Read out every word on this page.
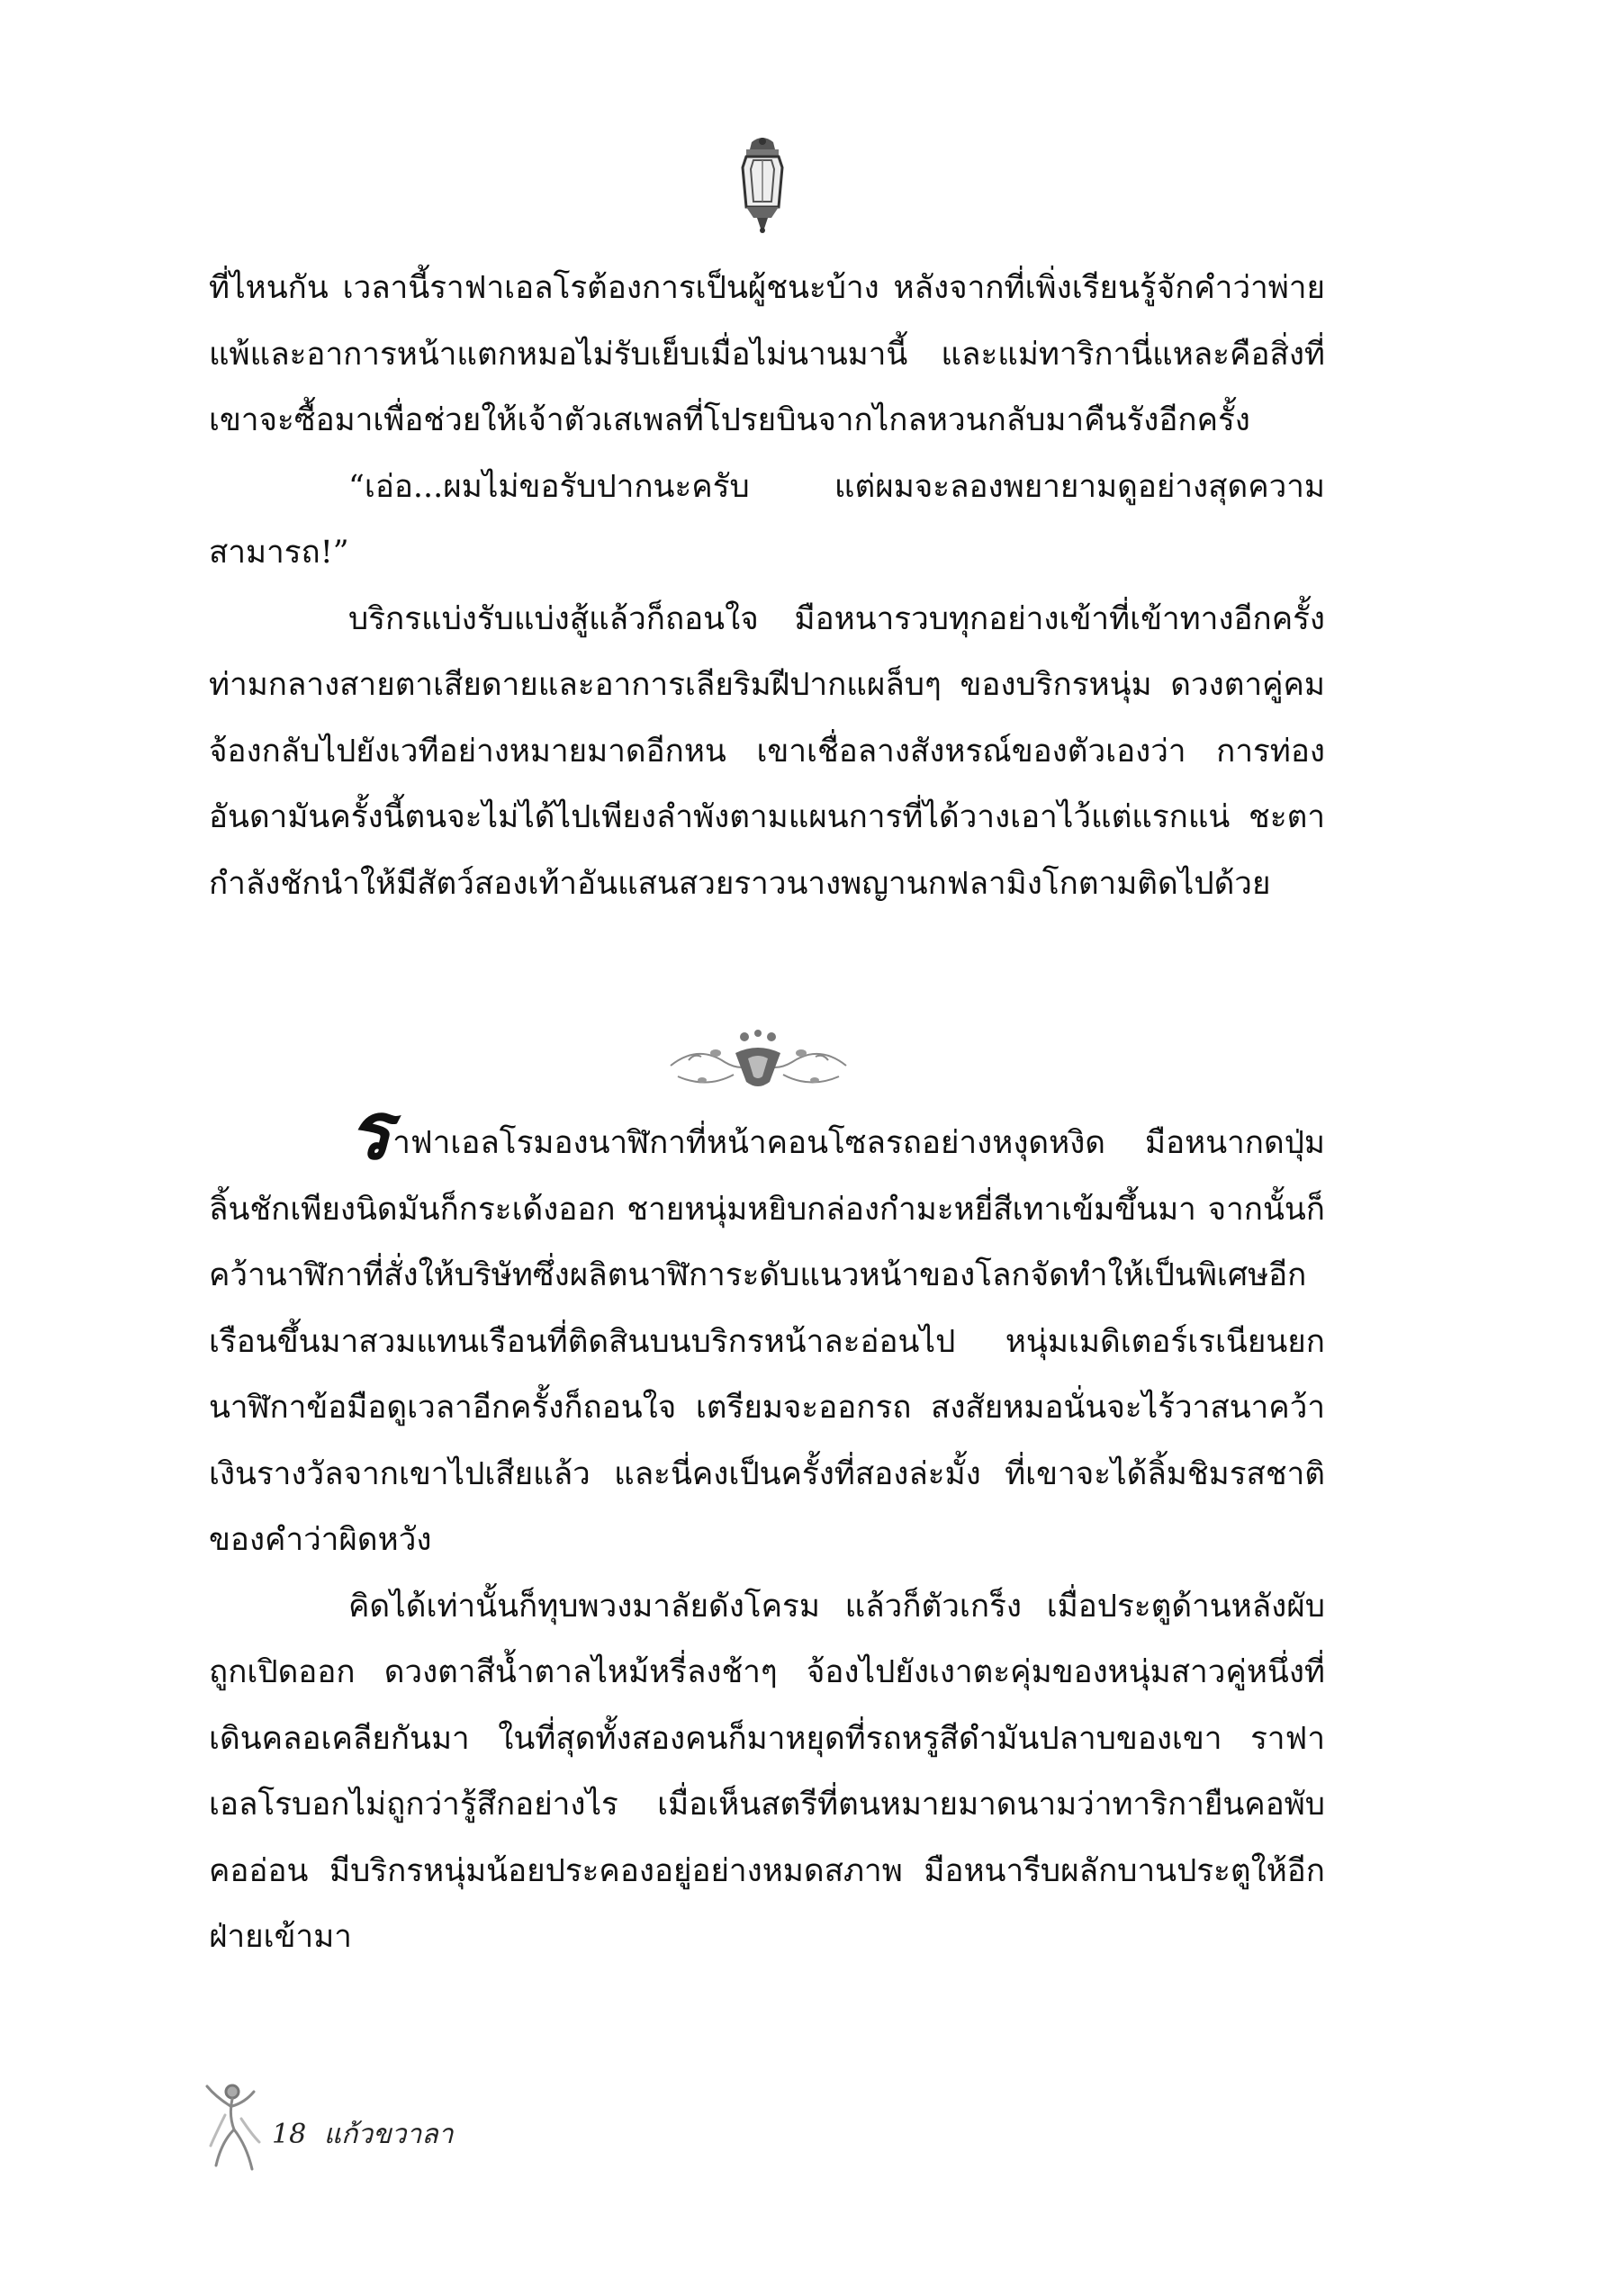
ที่ไหนกัน เวลานี้ราฟาเอลโรต้องการเป็นผู้ชนะบ้าง หลังจากที่เพิ่งเรียนรู้จักคำว่าพ่ายแพ้และอาการหน้าแตกหมอไม่รับเย็บเมื่อไม่นานมานี้ และแม่ทาริกานี่แหละคือสิ่งที่เขาจะซื้อมาเพื่อช่วยให้เจ้าตัวเสเพลที่โปรยบินจากไกลหวนกลับมาคืนรังอีกครั้ง

“เอ่อ...ผมไม่ขอรับปากนะครับ แต่ผมจะลองพยายามดูอย่างสุดความสามารถ!”

บริกรแบ่งรับแบ่งสู้แล้วก็ถอนใจ มือหนารวบทุกอย่างเข้าที่เข้าทางอีกครั้ง ท่ามกลางสายตาเสียดายและอาการเลียริมฝีปากแผล็บๆ ของบริกรหนุ่ม ดวงตาคู่คมจ้องกลับไปยังเวทีอย่างหมายมาดอีกหน เขาเชื่อลางสังหรณ์ของตัวเองว่า การท่องอันดามันครั้งนี้ตนจะไม่ได้ไปเพียงลำพังตามแผนการที่ได้วางเอาไว้แต่แรกแน่ ชะตากำลังชักนำให้มีสัตว์สองเท้าอันแสนสวยราวนางพญานกฟลามิงโกตามติดไปด้วย

ราฟาเอลโรมองนาฬิกาที่หน้าคอนโซลรถอย่างหงุดหงิด มือหนากดปุ่มลิ้นชักเพียงนิดมันก็กระเด้งออก ชายหนุ่มหยิบกล่องกำมะหยี่สีเทาเข้มขึ้นมา จากนั้นก็คว้านาฬิกาที่สั่งให้บริษัทซึ่งผลิตนาฬิการะดับแนวหน้าของโลกจัดทำให้เป็นพิเศษอีกเรือนขึ้นมาสวมแทนเรือนที่ติดสินบนบริกรหน้าละอ่อนไป หนุ่มเมดิเตอร์เรเนียนยกนาฬิกาข้อมือดูเวลาอีกครั้งก็ถอนใจ เตรียมจะออกรถ สงสัยหมอนั่นจะไร้วาสนาคว้าเงินรางวัลจากเขาไปเสียแล้ว และนี่คงเป็นครั้งที่สองล่ะมั้ง ที่เขาจะได้ลิ้มชิมรสชาติของคำว่าผิดหวัง

คิดได้เท่านั้นก็ทุบพวงมาลัยดังโครม แล้วก็ตัวเกร็ง เมื่อประตูด้านหลังผับถูกเปิดออก ดวงตาสีน้ำตาลไหม้หรี่ลงช้าๆ จ้องไปยังเงาตะคุ่มของหนุ่มสาวคู่หนึ่งที่เดินคลอเคลียกันมา ในที่สุดทั้งสองคนก็มาหยุดที่รถหรูสีดำมันปลาบของเขา ราฟาเอลโรบอกไม่ถูกว่ารู้สึกอย่างไร เมื่อเห็นสตรีที่ตนหมายมาดนามว่าทาริกายืนคอพับคออ่อน มีบริกรหนุ่มน้อยประคองอยู่อย่างหมดสภาพ มือหนารีบผลักบานประตูให้อีกฝ่ายเข้ามา

18 แก้วขวาลา
